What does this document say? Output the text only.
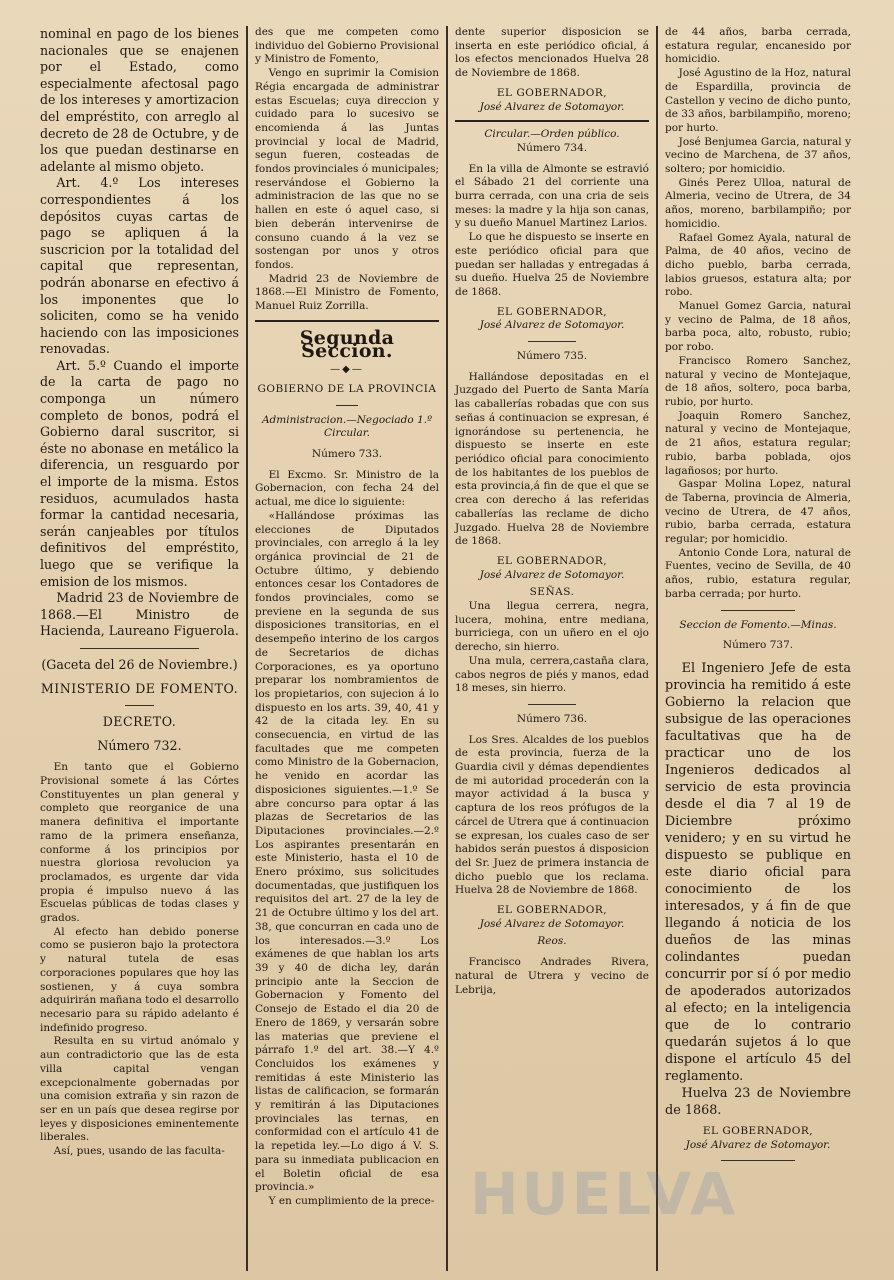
nominal en pago de los bienes nacionales que se enajenen por el Estado, como especialmente afectosal pago de los intereses y amortizacion del empréstito, con arreglo al decreto de 28 de Octubre, y de los que puedan destinarse en adelante al mismo objeto.

Art. 4.º Los intereses correspondientes á los depósitos cuyas cartas de pago se apliquen á la suscricion por la totalidad del capital que representan, podrán abonarse en efectivo á los imponentes que lo soliciten, como se ha venido haciendo con las imposiciones renovadas.

Art. 5.º Cuando el importe de la carta de pago no componga un número completo de bonos, podrá el Gobierno daral suscritor, si éste no abonase en metálico la diferencia, un resguardo por el importe de la misma. Estos residuos, acumulados hasta formar la cantidad necesaria, serán canjeables por títulos definitivos del empréstito, luego que se verifique la emision de los mismos.

Madrid 23 de Noviembre de 1868.—El Ministro de Hacienda, Laureano Figuerola.

(Gaceta del 26 de Noviembre.)

MINISTERIO DE FOMENTO.

DECRETO.

Número 732.

En tanto que el Gobierno Provisional somete á las Córtes Constituyentes un plan general y completo que reorganice de una manera definitiva el importante ramo de la primera enseñanza, conforme á los principios por nuestra gloriosa revolucion ya proclamados, es urgente dar vida propia é impulso nuevo á las Escuelas públicas de todas clases y grados.

Al efecto han debido ponerse como se pusieron bajo la protectora y natural tutela de esas corporaciones populares que hoy las sostienen, y á cuya sombra adquirirán mañana todo el desarrollo necesario para su rápido adelanto é indefinido progreso.

Resulta en su virtud anómalo y aun contradictorio que las de esta villa capital vengan excepcionalmente gobernadas por una comision extraña y sin razon de ser en un país que desea regirse por leyes y disposiciones eminentemente liberales.

Así, pues, usando de las faculta-

des que me competen como individuo del Gobierno Provisional y Ministro de Fomento,

Vengo en suprimir la Comision Régia encargada de administrar estas Escuelas; cuya direccion y cuidado para lo sucesivo se encomienda á las Juntas provincial y local de Madrid, segun fueren, costeadas de fondos provinciales ó municipales; reservándose el Gobierno la administracion de las que no se hallen en este ó aquel caso, si bien deberán intervenirse de consuno cuando á la vez se sostengan por unos y otros fondos.

Madrid 23 de Noviembre de 1868.—El Ministro de Fomento, Manuel Ruiz Zorrilla.

Segunda Seccion.
—◆—

GOBIERNO DE LA PROVINCIA

Administracion.—Negociado 1.º

Circular.

Número 733.

El Excmo. Sr. Ministro de la Gobernacion, con fecha 24 del actual, me dice lo siguiente:

«Hallándose próximas las elecciones de Diputados provinciales, con arreglo á la ley orgánica provincial de 21 de Octubre último, y debiendo entonces cesar los Contadores de fondos provinciales, como se previene en la segunda de sus disposiciones transitorias, en el desempeño interino de los cargos de Secretarios de dichas Corporaciones, es ya oportuno preparar los nombramientos de los propietarios, con sujecion á lo dispuesto en los arts. 39, 40, 41 y 42 de la citada ley. En su consecuencia, en virtud de las facultades que me competen como Ministro de la Gobernacion, he venido en acordar las disposiciones siguientes.—1.º Se abre concurso para optar á las plazas de Secretarios de las Diputaciones provinciales.—2.º Los aspirantes presentarán en este Ministerio, hasta el 10 de Enero próximo, sus solicitudes documentadas, que justifiquen los requisitos del art. 27 de la ley de 21 de Octubre último y los del art. 38, que concurran en cada uno de los interesados.—3.º Los exámenes de que hablan los arts 39 y 40 de dicha ley, darán principio ante la Seccion de Gobernacion y Fomento del Consejo de Estado el dia 20 de Enero de 1869, y versarán sobre las materias que previene el párrafo 1.º del art. 38.—Y 4.º Concluidos los exámenes y remitidas á este Ministerio las listas de calificacion, se formarán y remitirán á las Diputaciones provinciales las ternas, en conformidad con el artículo 41 de la repetida ley.—Lo digo á V. S. para su inmediata publicacion en el Boletin oficial de esa provincia.»

Y en cumplimiento de la prece-

dente superior disposicion se inserta en este periódico oficial, á los efectos mencionados Huelva 28 de Noviembre de 1868.

EL GOBERNADOR,
José Alvarez de Sotomayor.

Circular.—Orden público.

Número 734.

En la villa de Almonte se estravió el Sábado 21 del corriente una burra cerrada, con una cria de seis meses: la madre y la hija son canas, y su dueño Manuel Martinez Larios.

Lo que he dispuesto se inserte en este periódico oficial para que puedan ser halladas y entregadas á su dueño. Huelva 25 de Noviembre de 1868.

EL GOBERNADOR,
José Alvarez de Sotomayor.

Número 735.

Hallándose depositadas en el Juzgado del Puerto de Santa María las caballerías robadas que con sus señas á continuacion se expresan, é ignorándose su pertenencia, he dispuesto se inserte en este periódico oficial para conocimiento de los habitantes de los pueblos de esta provincia,á fin de que el que se crea con derecho á las referidas caballerías las reclame de dicho Juzgado. Huelva 28 de Noviembre de 1868.

EL GOBERNADOR,
José Alvarez de Sotomayor.

SEÑAS.

Una llegua cerrera, negra, lucera, mohina, entre mediana, burriciega, con un uñero en el ojo derecho, sin hierro.

Una mula, cerrera,castaña clara, cabos negros de piés y manos, edad 18 meses, sin hierro.

Número 736.

Los Sres. Alcaldes de los pueblos de esta provincia, fuerza de la Guardia civil y démas dependientes de mi autoridad procederán con la mayor actividad á la busca y captura de los reos prófugos de la cárcel de Utrera que á continuacion se expresan, los cuales caso de ser habidos serán puestos á disposicion del Sr. Juez de primera instancia de dicho pueblo que los reclama. Huelva 28 de Noviembre de 1868.

EL GOBERNADOR,
José Alvarez de Sotomayor.

Reos.

Francisco Andrades Rivera, natural de Utrera y vecino de Lebrija,

de 44 años, barba cerrada, estatura regular, encanesido por homicidio.

José Agustino de la Hoz, natural de Espardilla, provincia de Castellon y vecino de dicho punto, de 33 años, barbilampiño, moreno; por hurto.

José Benjumea Garcia, natural y vecino de Marchena, de 37 años, soltero; por homicidio.

Ginés Perez Ulloa, natural de Almeria, vecino de Utrera, de 34 años, moreno, barbilampiño; por homicidio.

Rafael Gomez Ayala, natural de Palma, de 40 años, vecino de dicho pueblo, barba cerrada, labios gruesos, estatura alta; por robo.

Manuel Gomez Garcia, natural y vecino de Palma, de 18 años, barba poca, alto, robusto, rubio; por robo.

Francisco Romero Sanchez, natural y vecino de Montejaque, de 18 años, soltero, poca barba, rubio, por hurto.

Joaquin Romero Sanchez, natural y vecino de Montejaque, de 21 años, estatura regular; rubio, barba poblada, ojos lagañosos; por hurto.

Gaspar Molina Lopez, natural de Taberna, provincia de Almeria, vecino de Utrera, de 47 años, rubio, barba cerrada, estatura regular; por homicidio.

Antonio Conde Lora, natural de Fuentes, vecino de Sevilla, de 40 años, rubio, estatura regular, barba cerrada; por hurto.

Seccion de Fomento.—Minas.

Número 737.

El Ingeniero Jefe de esta provincia ha remitido á este Gobierno la relacion que subsigue de las operaciones facultativas que ha de practicar uno de los Ingenieros dedicados al servicio de esta provincia desde el dia 7 al 19 de Diciembre próximo venidero; y en su virtud he dispuesto se publique en este diario oficial para conocimiento de los interesados, y á fin de que llegando á noticia de los dueños de las minas colindantes puedan concurrir por sí ó por medio de apoderados autorizados al efecto; en la inteligencia que de lo contrario quedarán sujetos á lo que dispone el artículo 45 del reglamento.

Huelva 23 de Noviembre de 1868.

EL GOBERNADOR,
José Alvarez de Sotomayor.
HUELVA
